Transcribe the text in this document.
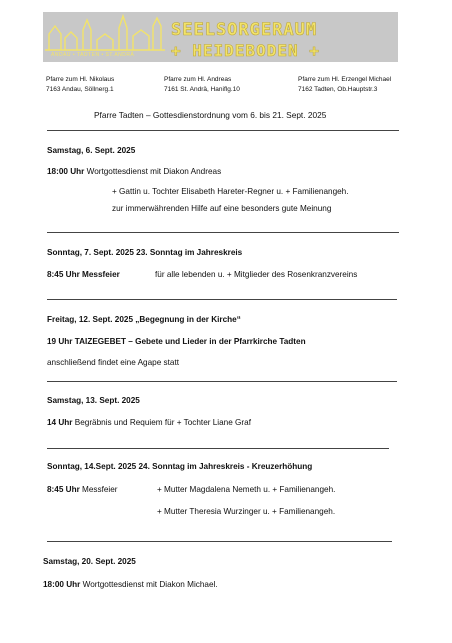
SEELSORGERAUM
+ HEIDEBODEN +
ANDAU • TADTEN • ST.ANDRÄ
Pfarre zum Hl. Nikolaus
7163 Andau, Söllnerg.1
Pfarre zum Hl. Andreas
7161 St. Andrä, Haniflg.10
Pfarre zum Hl. Erzengel Michael
7162 Tadten, Ob.Hauptstr.3
Pfarre Tadten – Gottesdienstordnung vom 6. bis 21. Sept. 2025
Samstag, 6. Sept. 2025
18:00 Uhr Wortgottesdienst mit Diakon Andreas
+ Gattin u. Tochter Elisabeth Hareter-Regner u. + Familienangeh.
zur immerwährenden Hilfe auf eine besonders gute Meinung
Sonntag, 7. Sept. 2025 23. Sonntag im Jahreskreis
8:45 Uhr Messfeier	für alle lebenden u. + Mitglieder des Rosenkranzvereins
Freitag, 12. Sept. 2025 „Begegnung in der Kirche“
19 Uhr TAIZEGEBET – Gebete und Lieder in der Pfarrkirche Tadten
anschließend findet eine Agape statt
Samstag, 13. Sept. 2025
14 Uhr Begräbnis und Requiem für + Tochter Liane Graf
Sonntag, 14.Sept. 2025 24. Sonntag im Jahreskreis - Kreuzerhöhung
8:45 Uhr Messfeier	+ Mutter Magdalena Nemeth u. + Familienangeh.
+ Mutter Theresia Wurzinger u. + Familienangeh.
Samstag, 20. Sept. 2025
18:00 Uhr Wortgottesdienst mit Diakon Michael.
